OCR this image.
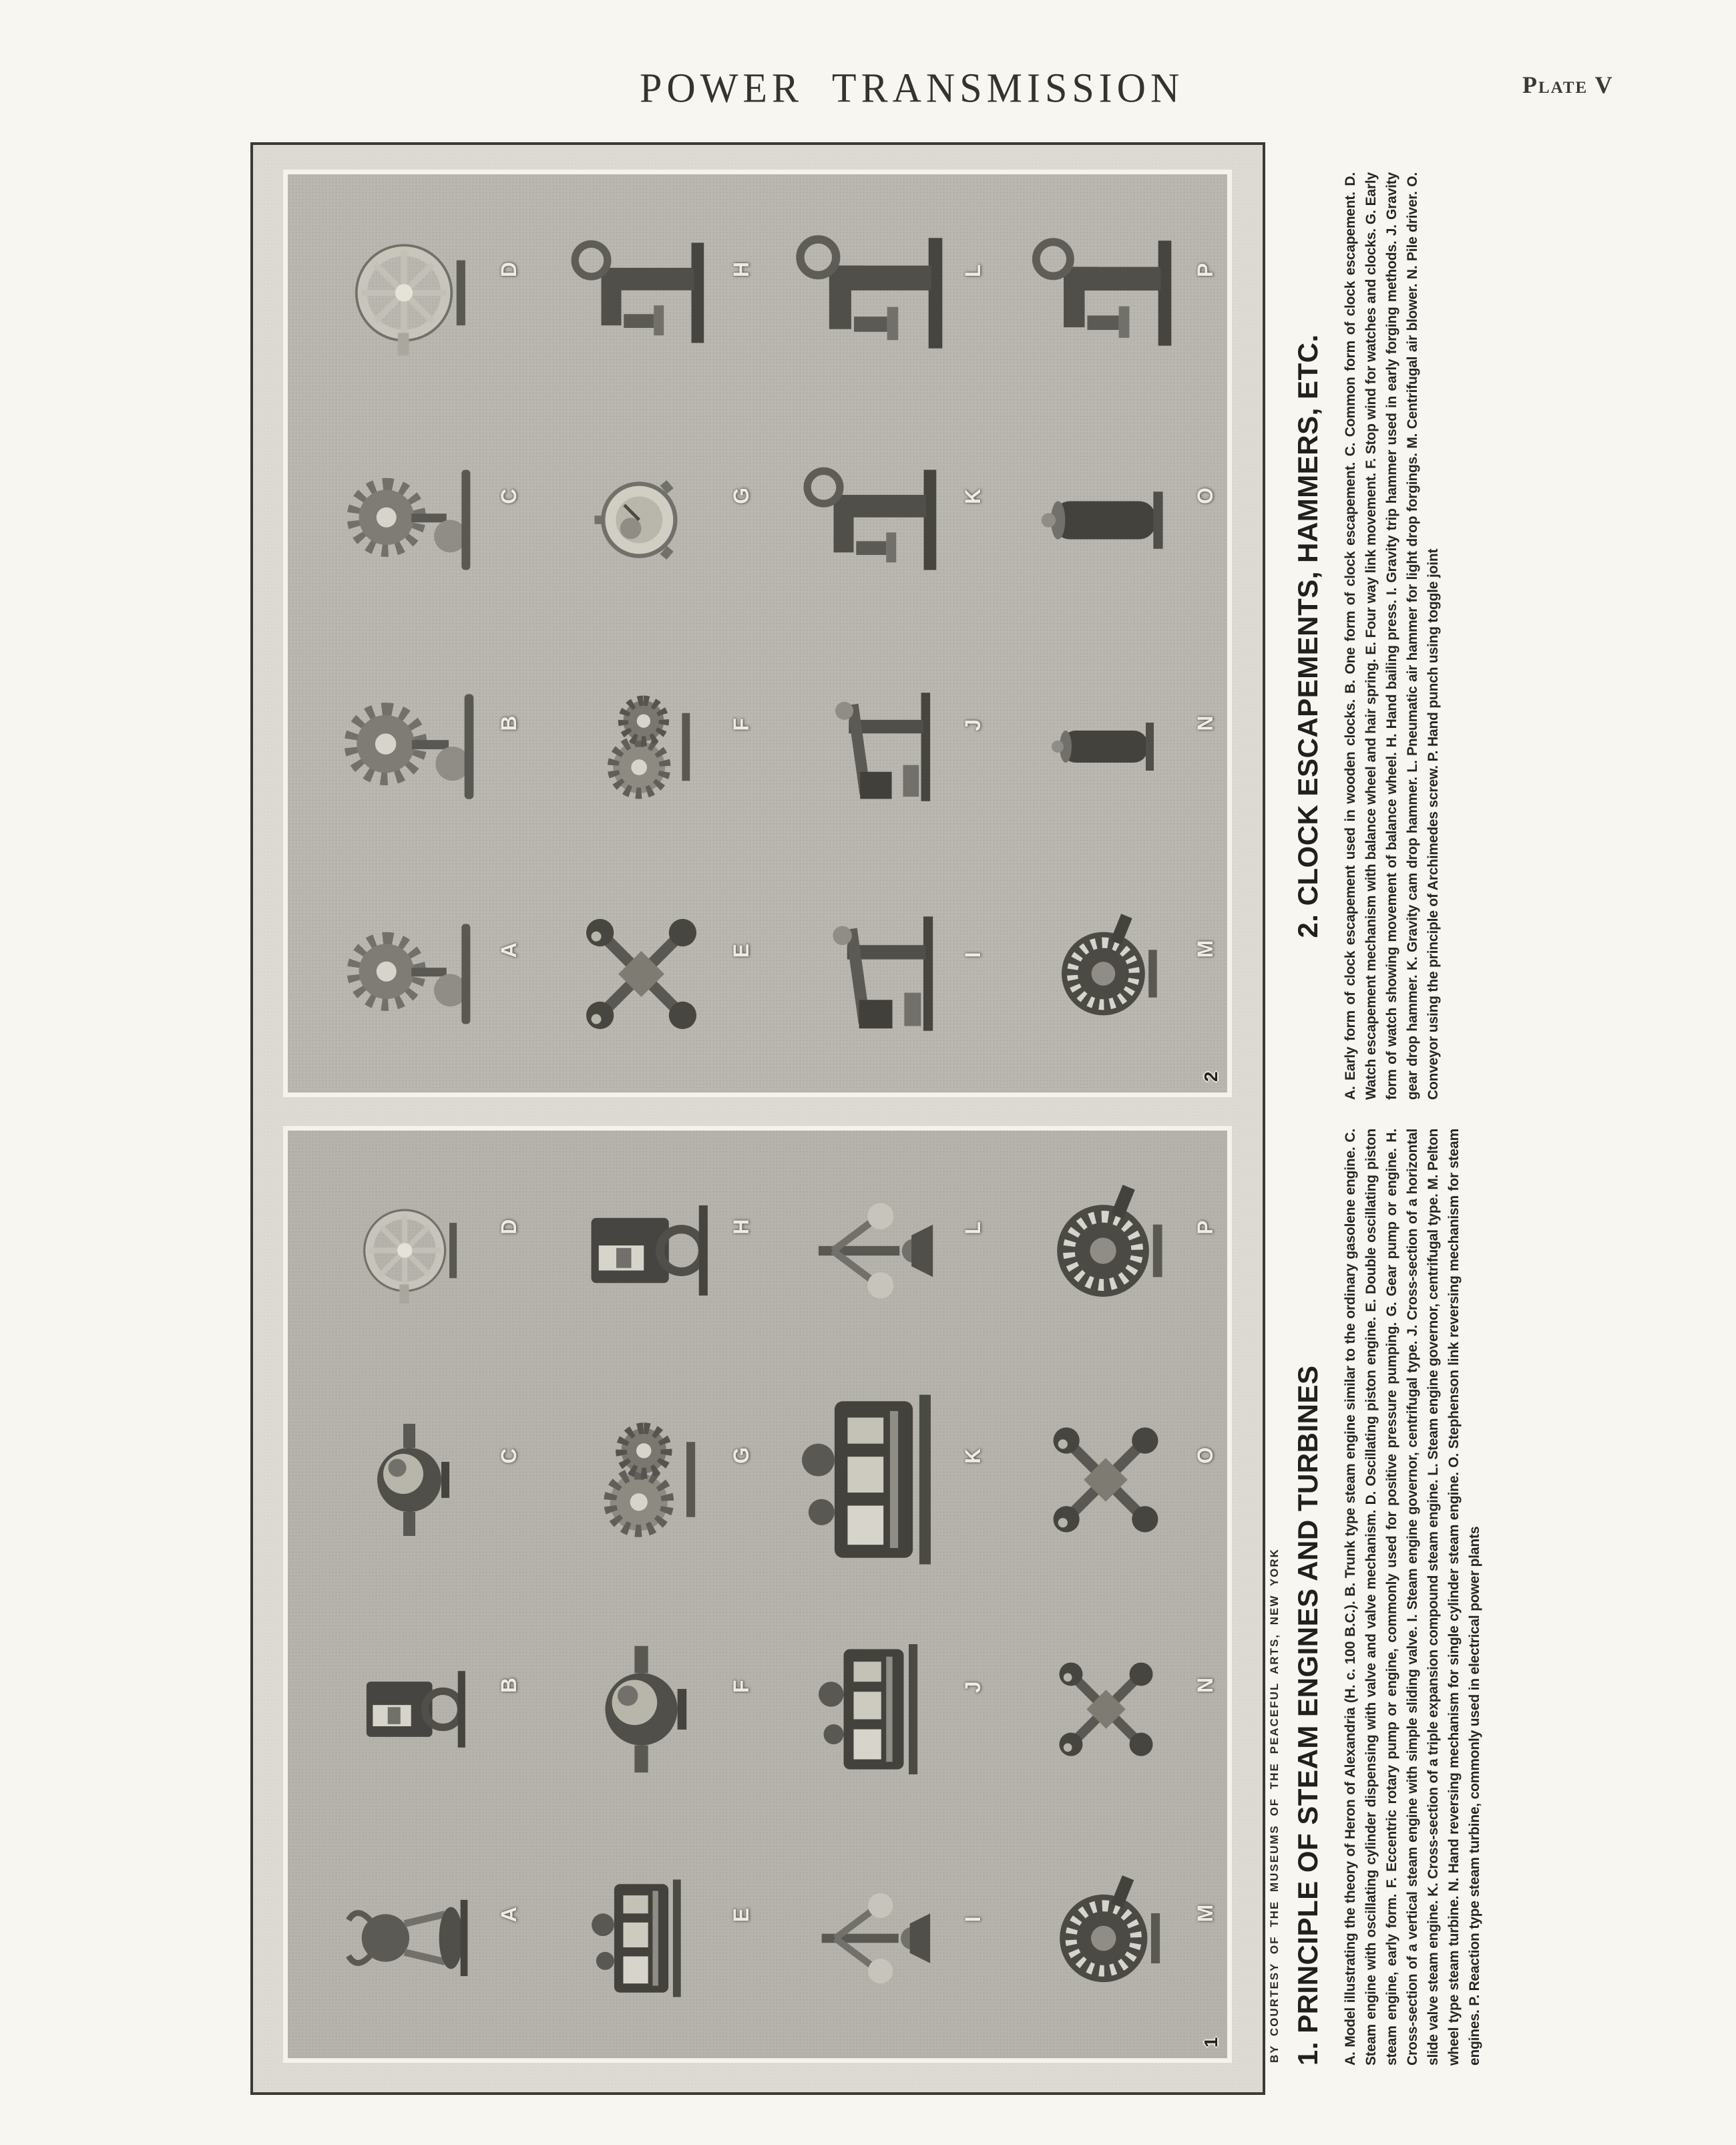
POWER TRANSMISSION	Plate V
A
B
C
D
E
F
G
H
I
J
K
L
M
N
O
P
1
A
B
C
D
E
F
G
H
I
J
K
L
M
N
O
P
2
BY COURTESY OF THE MUSEUMS OF THE PEACEFUL ARTS, NEW YORK 1. PRINCIPLE OF STEAM ENGINES AND TURBINES A. Model illustrating the theory of Heron of Alexandria (H. c. 100 B.C.). B. Trunk type steam engine similar to the ordinary gasolene engine. C. Steam engine with oscillating cylinder dispensing with valve and valve mechanism. D. Oscillating piston engine. E. Double oscillating piston steam engine, early form. F. Eccentric rotary pump or engine, commonly used for positive pressure pumping. G. Gear pump or engine. H. Cross-section of a vertical steam engine with simple sliding valve. I. Steam engine governor, centrifugal type. J. Cross-section of a horizontal slide valve steam engine. K. Cross-section of a triple expansion compound steam engine. L. Steam engine governor, centrifugal type. M. Pelton wheel type steam turbine. N. Hand reversing mechanism for single cylinder steam engine. O. Stephenson link reversing mechanism for steam engines. P. Reaction type steam turbine, commonly used in electrical power plants

2. CLOCK ESCAPEMENTS, HAMMERS, ETC. A. Early form of clock escapement used in wooden clocks. B. One form of clock escapement. C. Common form of clock escapement. D. Watch escapement mechanism with balance wheel and hair spring. E. Four way link movement. F. Stop wind for watches and clocks. G. Early form of watch showing movement of balance wheel. H. Hand bailing press. I. Gravity trip hammer used in early forging methods. J. Gravity gear drop hammer. K. Gravity cam drop hammer. L. Pneumatic air hammer for light drop forgings. M. Centrifugal air blower. N. Pile driver. O. Conveyor using the principle of Archimedes screw. P. Hand punch using toggle joint
